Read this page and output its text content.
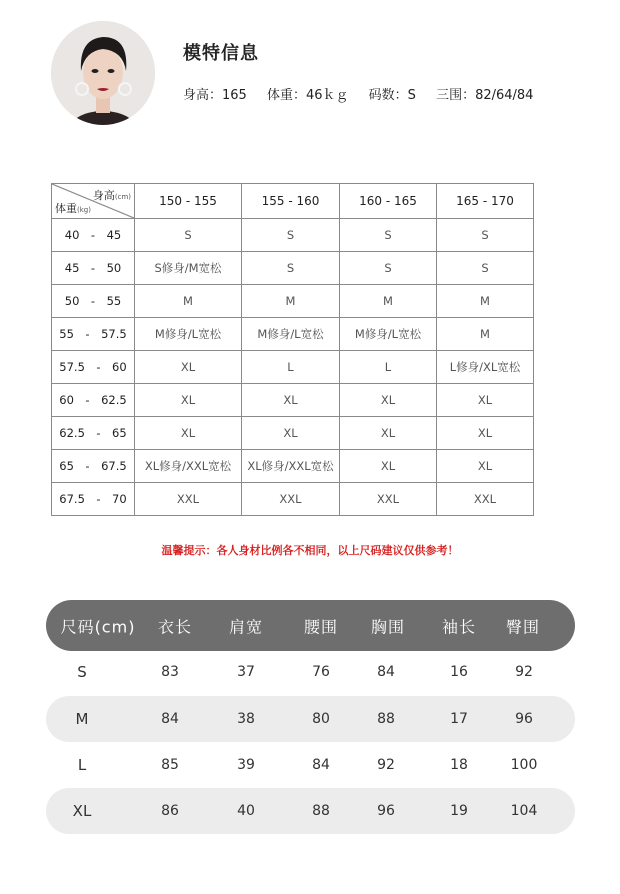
模特信息
身高：165 体重：46ｋｇ 码数：S 三围：82/64/84
身高(cm)
体重(kg)	150 - 155	155 - 160	160 - 165	165 - 170
40　-　45	S	S	S	S
45　-　50	S修身/M宽松	S	S	S
50　-　55	M	M	M	M
55　-　57.5	M修身/L宽松	M修身/L宽松	M修身/L宽松	M
57.5　-　60	XL	L	L	L修身/XL宽松
60　-　62.5	XL	XL	XL	XL
62.5　-　65	XL	XL	XL	XL
65　-　67.5	XL修身/XXL宽松	XL修身/XXL宽松	XL	XL
67.5　-　70	XXL	XXL	XXL	XXL
温馨提示：各人身材比例各不相同，以上尺码建议仅供参考！
尺码(cm) 衣长 肩宽	腰围 胸围 袖长 臀围
S	83	37	76	84	16	92
M	84	38	80	88	17	96
L	85	39	84	92	18	100
XL	86	40	88	96	19	104
